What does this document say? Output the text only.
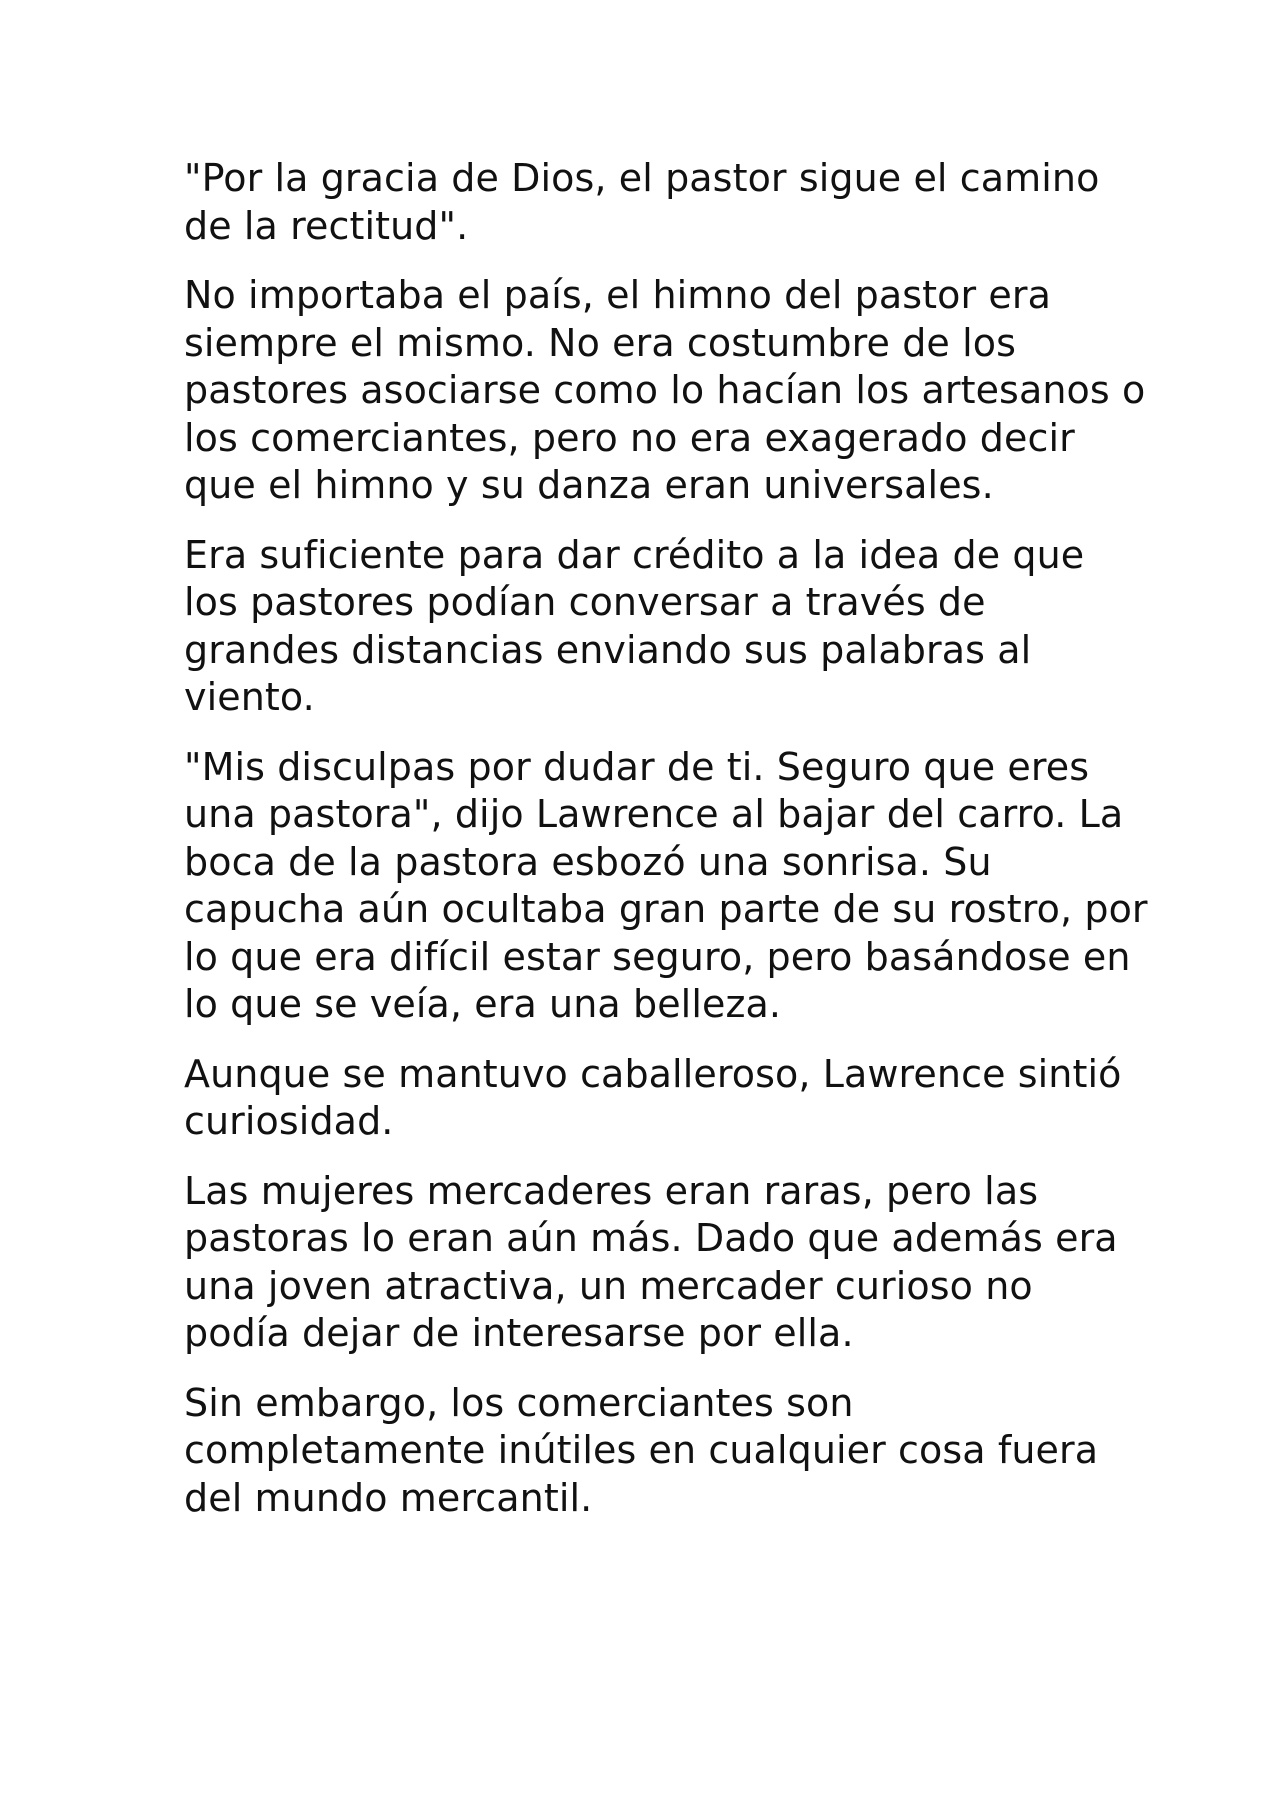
"Por la gracia de Dios, el pastor sigue el camino de la rectitud".

No importaba el país, el himno del pastor era siempre el mismo. No era costumbre de los pastores asociarse como lo hacían los artesanos o los comerciantes, pero no era exagerado decir que el himno y su danza eran universales.

Era suficiente para dar crédito a la idea de que los pastores podían conversar a través de grandes distancias enviando sus palabras al viento.

"Mis disculpas por dudar de ti. Seguro que eres una pastora", dijo Lawrence al bajar del carro. La boca de la pastora esbozó una sonrisa. Su capucha aún ocultaba gran parte de su rostro, por lo que era difícil estar seguro, pero basándose en lo que se veía, era una belleza.

Aunque se mantuvo caballeroso, Lawrence sintió curiosidad.

Las mujeres mercaderes eran raras, pero las pastoras lo eran aún más. Dado que además era una joven atractiva, un mercader curioso no podía dejar de interesarse por ella.

Sin embargo, los comerciantes son completamente inútiles en cualquier cosa fuera del mundo mercantil.
